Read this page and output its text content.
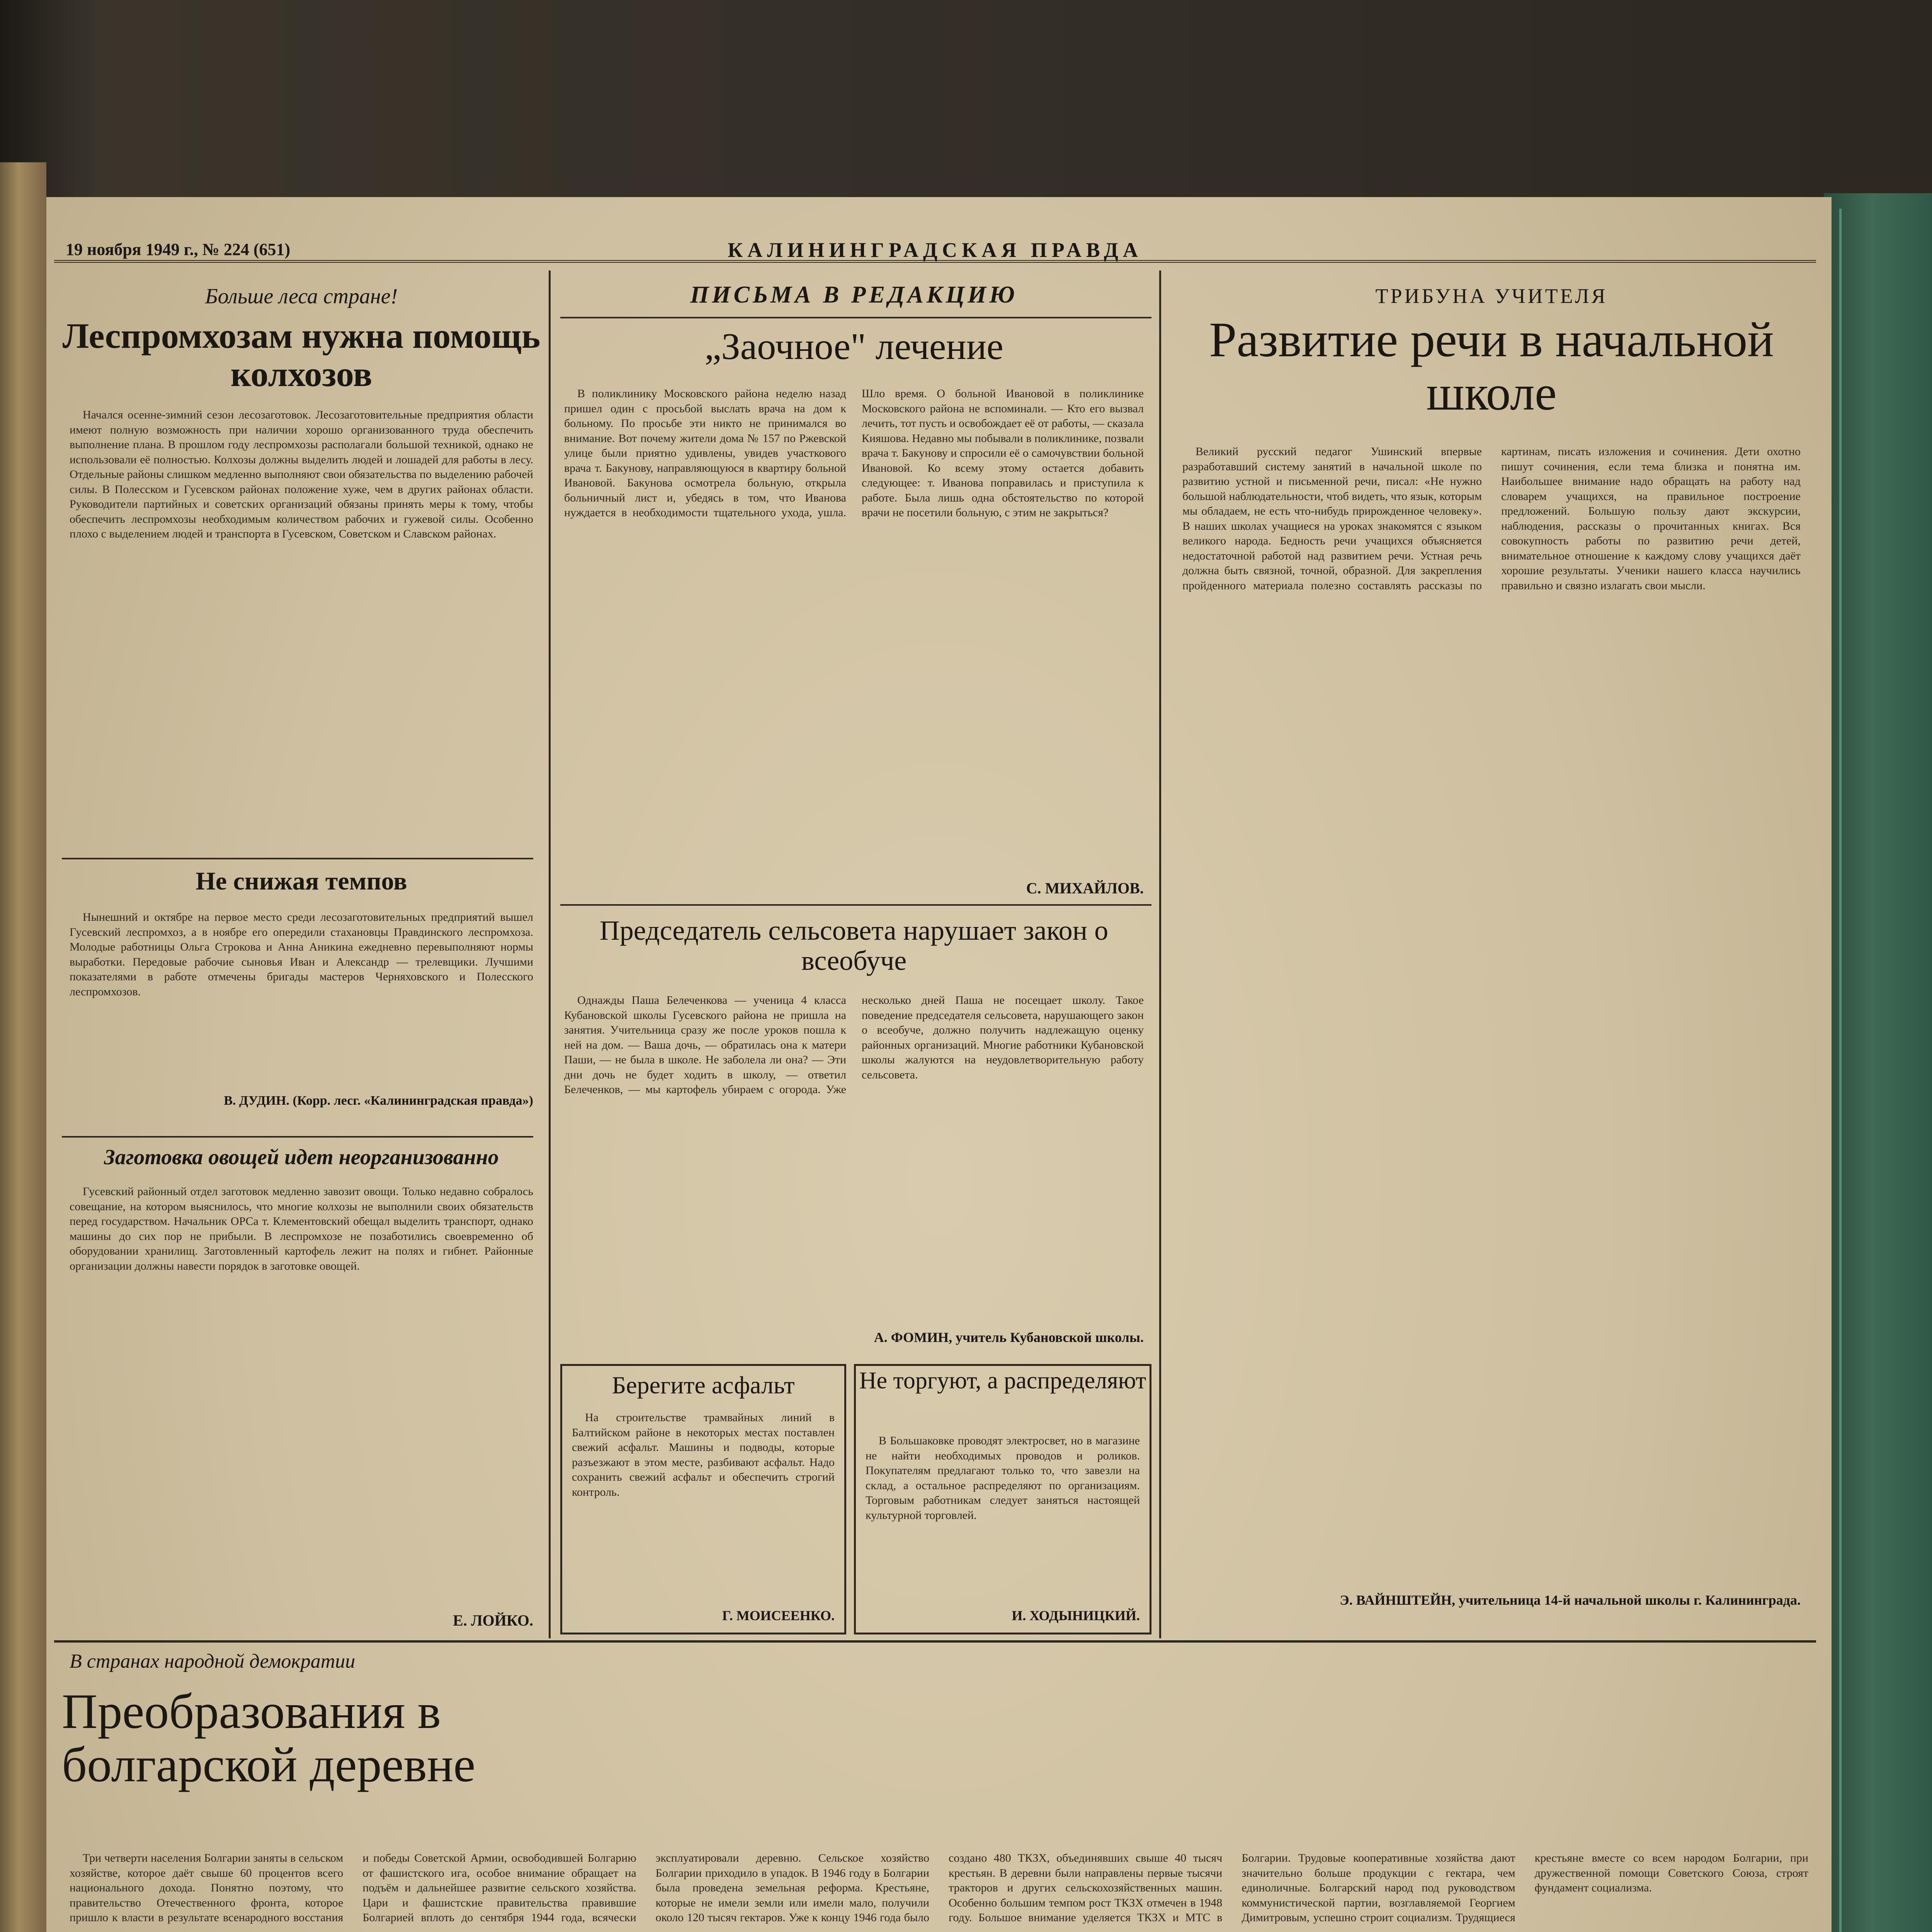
19 ноября 1949 г., № 224 (651)	КАЛИНИНГРАДСКАЯ ПРАВДА
Больше леса стране!
Леспромхозам нужна помощь колхозов

Начался осенне-зимний сезон лесозаготовок. Лесозаготовительные предприятия области имеют полную возможность при наличии хорошо организованного труда обеспечить выполнение плана. В прошлом году леспромхозы располагали большой техникой, однако не использовали её полностью. Колхозы должны выделить людей и лошадей для работы в лесу. Отдельные районы слишком медленно выполняют свои обязательства по выделению рабочей силы. В Полесском и Гусевском районах положение хуже, чем в других районах области. Руководители партийных и советских организаций обязаны принять меры к тому, чтобы обеспечить леспромхозы необходимым количеством рабочих и гужевой силы. Особенно плохо с выделением людей и транспорта в Гусевском, Советском и Славском районах.

Не снижая темпов

Нынешний и октябре на первое место среди лесозаготовительных предприятий вышел Гусевский леспромхоз, а в ноябре его опередили стахановцы Правдинского леспромхоза. Молодые работницы Ольга Строкова и Анна Аникина ежедневно перевыполняют нормы выработки. Передовые рабочие сыновья Иван и Александр — трелевщики. Лучшими показателями в работе отмечены бригады мастеров Черняховского и Полесского леспромхозов.

В. ДУДИН. (Корр. лесг. «Калининградская правда»)
Заготовка овощей идет неорганизованно

Гусевский районный отдел заготовок медленно завозит овощи. Только недавно собралось совещание, на котором выяснилось, что многие колхозы не выполнили своих обязательств перед государством. Начальник ОРСа т. Клементовский обещал выделить транспорт, однако машины до сих пор не прибыли. В леспромхозе не позаботились своевременно об оборудовании хранилищ. Заготовленный картофель лежит на полях и гибнет. Районные организации должны навести порядок в заготовке овощей.

Е. ЛОЙКО.
ПИСЬМА В РЕДАКЦИЮ
„Заочное" лечение

В поликлинику Московского района неделю назад пришел один с просьбой выслать врача на дом к больному. По просьбе эти никто не принимался во внимание. Вот почему жители дома № 157 по Ржевской улице были приятно удивлены, увидев участкового врача т. Бакунову, направляющуюся в квартиру больной Ивановой. Бакунова осмотрела больную, открыла больничный лист и, убедясь в том, что Иванова нуждается в необходимости тщательного ухода, ушла. Шло время. О больной Ивановой в поликлинике Московского района не вспоминали. — Кто его вызвал лечить, тот пусть и освобождает её от работы, — сказала Кияшова. Недавно мы побывали в поликлинике, позвали врача т. Бакунову и спросили её о самочувствии больной Ивановой. Ко всему этому остается добавить следующее: т. Иванова поправилась и приступила к работе. Была лишь одна обстоятельство по которой врачи не посетили больную, с этим не закрыться?

С. МИХАЙЛОВ.
Председатель сельсовета нарушает закон о всеобуче

Однажды Паша Белеченкова — ученица 4 класса Кубановской школы Гусевского района не пришла на занятия. Учительница сразу же после уроков пошла к ней на дом. — Ваша дочь, — обратилась она к матери Паши, — не была в школе. Не заболела ли она? — Эти дни дочь не будет ходить в школу, — ответил Белеченков, — мы картофель убираем с огорода. Уже несколько дней Паша не посещает школу. Такое поведение председателя сельсовета, нарушающего закон о всеобуче, должно получить надлежащую оценку районных организаций. Многие работники Кубановской школы жалуются на неудовлетворительную работу сельсовета.

А. ФОМИН, учитель Кубановской школы.
Берегите асфальт

На строительстве трамвайных линий в Балтийском районе в некоторых местах поставлен свежий асфальт. Машины и подводы, которые разъезжают в этом месте, разбивают асфальт. Надо сохранить свежий асфальт и обеспечить строгий контроль.

Г. МОИСЕЕНКО.
Не торгуют, а распределяют

В Большаковке проводят электросвет, но в магазине не найти необходимых проводов и роликов. Покупателям предлагают только то, что завезли на склад, а остальное распределяют по организациям. Торговым работникам следует заняться настоящей культурной торговлей.

И. ХОДЫНИЦКИЙ.
ТРИБУНА УЧИТЕЛЯ
Развитие речи в начальной школе

Великий русский педагог Ушинский впервые разработавший систему занятий в начальной школе по развитию устной и письменной речи, писал: «Не нужно большой наблюдательности, чтоб видеть, что язык, которым мы обладаем, не есть что-нибудь прирожденное человеку». В наших школах учащиеся на уроках знакомятся с языком великого народа. Бедность речи учащихся объясняется недостаточной работой над развитием речи. Устная речь должна быть связной, точной, образной. Для закрепления пройденного материала полезно составлять рассказы по картинам, писать изложения и сочинения. Дети охотно пишут сочинения, если тема близка и понятна им. Наибольшее внимание надо обращать на работу над словарем учащихся, на правильное построение предложений. Большую пользу дают экскурсии, наблюдения, рассказы о прочитанных книгах. Вся совокупность работы по развитию речи детей, внимательное отношение к каждому слову учащихся даёт хорошие результаты. Ученики нашего класса научились правильно и связно излагать свои мысли.

Э. ВАЙНШТЕЙН, учительница 14-й начальной школы г. Калининграда.
В странах народной демократии
Преобразования в болгарской деревне

Три четверти населения Болгарии заняты в сельском хозяйстве, которое даёт свыше 60 процентов всего национального дохода. Понятно поэтому, что правительство Отечественного фронта, которое пришло к власти в результате всенародного восстания и победы Советской Армии, освободившей Болгарию от фашистского ига, особое внимание обращает на подъём и дальнейшее развитие сельского хозяйства. Цари и фашистские правительства правившие Болгарией вплоть до сентября 1944 года, всячески эксплуатировали деревню. Сельское хозяйство Болгарии приходило в упадок. В 1946 году в Болгарии была проведена земельная реформа. Крестьяне, которые не имели земли или имели мало, получили около 120 тысяч гектаров. Уже к концу 1946 года было создано 480 ТКЗХ, объединявших свыше 40 тысяч крестьян. В деревни были направлены первые тысячи тракторов и других сельскохозяйственных машин. Особенно большим темпом рост ТКЗХ отмечен в 1948 году. Большое внимание уделяется ТКЗХ и МТС в Болгарии. Трудовые кооперативные хозяйства дают значительно больше продукции с гектара, чем единоличные. Болгарский народ под руководством коммунистической партии, возглавляемой Георгием Димитровым, успешно строит социализм. Трудящиеся крестьяне вместе со всем народом Болгарии, при дружественной помощи Советского Союза, строят фундамент социализма.
